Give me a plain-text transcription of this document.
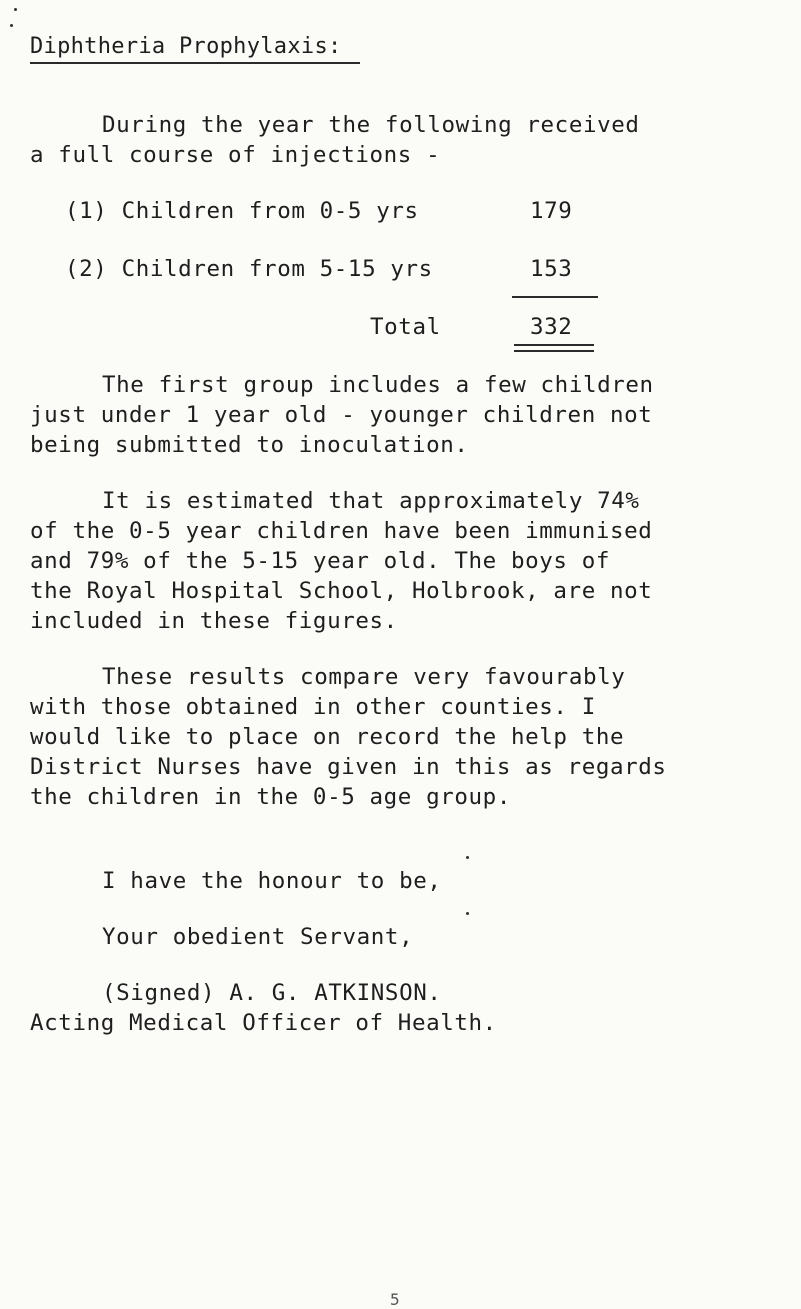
Diphtheria Prophylaxis:
During the year the following received
a full course of injections -
(1) Children from 0-5 yrs	179
(2) Children from 5-15 yrs	153
Total	332
The first group includes a few children
just under 1 year old - younger children not
being submitted to inoculation.
It is estimated that approximately 74%
of the 0-5 year children have been immunised
and 79% of the 5-15 year old. The boys of
the Royal Hospital School, Holbrook, are not
included in these figures.
These results compare very favourably
with those obtained in other counties. I
would like to place on record the help the
District Nurses have given in this as regards
the children in the 0-5 age group.
I have the honour to be,
Your obedient Servant,
(Signed) A. G. ATKINSON.
Acting Medical Officer of Health.
5
